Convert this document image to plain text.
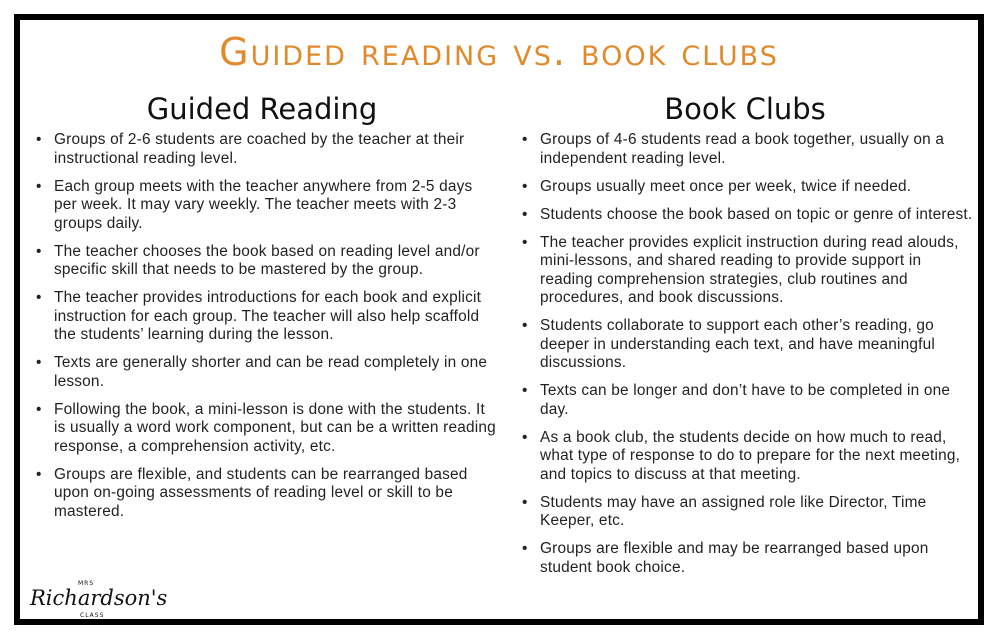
Guided reading vs. book clubs
Guided Reading
• Groups of 2-6 students are coached by the teacher at their instructional reading level.
• Each group meets with the teacher anywhere from 2-5 days per week. It may vary weekly. The teacher meets with 2-3 groups daily.
• The teacher chooses the book based on reading level and/or specific skill that needs to be mastered by the group.
• The teacher provides introductions for each book and explicit instruction for each group. The teacher will also help scaffold the students’ learning during the lesson.
• Texts are generally shorter and can be read completely in one lesson.
• Following the book, a mini-lesson is done with the students. It is usually a word work component, but can be a written reading response, a comprehension activity, etc.
• Groups are flexible, and students can be rearranged based upon on-going assessments of reading level or skill to be mastered.
Book Clubs
• Groups of 4-6 students read a book together, usually on a independent reading level.
• Groups usually meet once per week, twice if needed.
• Students choose the book based on topic or genre of interest.
• The teacher provides explicit instruction during read alouds, mini-lessons, and shared reading to provide support in reading comprehension strategies, club routines and procedures, and book discussions.
• Students collaborate to support each other’s reading, go deeper in understanding each text, and have meaningful discussions.
• Texts can be longer and don’t have to be completed in one day.
• As a book club, the students decide on how much to read, what type of response to do to prepare for the next meeting, and topics to discuss at that meeting.
• Students may have an assigned role like Director, Time Keeper, etc.
• Groups are flexible and may be rearranged based upon student book choice.
MRS
Richardson's
CLASS
